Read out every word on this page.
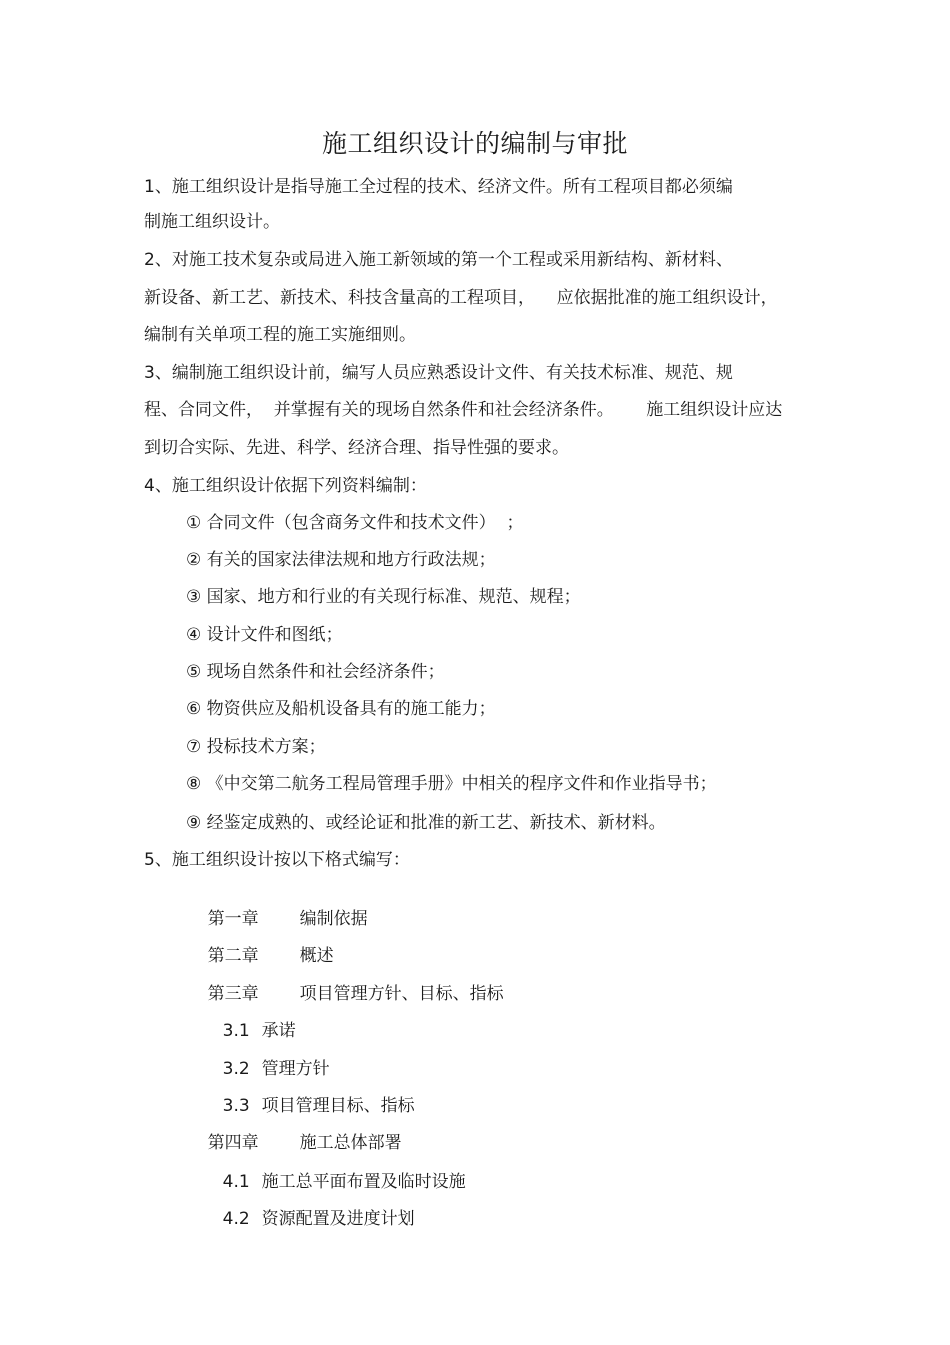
施工组织设计的编制与审批
1、施工组织设计是指导施工全过程的技术、经济文件。所有工程项目都必须编
制施工组织设计。
2、对施工技术复杂或局进入施工新领域的第一个工程或采用新结构、新材料、
新设备、新工艺、新技术、科技含量高的工程项目，    应依据批准的施工组织设计，
编制有关单项工程的施工实施细则。
3、编制施工组织设计前，编写人员应熟悉设计文件、有关技术标准、规范、规
程、合同文件，  并掌握有关的现场自然条件和社会经济条件。      施工组织设计应达
到切合实际、先进、科学、经济合理、指导性强的要求。
4、施工组织设计依据下列资料编制：
① 合同文件（包含商务文件和技术文件）  ；
② 有关的国家法律法规和地方行政法规；
③ 国家、地方和行业的有关现行标准、规范、规程；
④ 设计文件和图纸；
⑤ 现场自然条件和社会经济条件；
⑥ 物资供应及船机设备具有的施工能力；
⑦ 投标技术方案；
⑧ 《中交第二航务工程局管理手册》中相关的程序文件和作业指导书；
⑨ 经鉴定成熟的、或经论证和批准的新工艺、新技术、新材料。
5、施工组织设计按以下格式编写：

第一章 编制依据

第二章 概述

第三章 项目管理方针、目标、指标

3.1 承诺

3.2 管理方针

3.3 项目管理目标、指标

第四章 施工总体部署

4.1 施工总平面布置及临时设施

4.2 资源配置及进度计划
